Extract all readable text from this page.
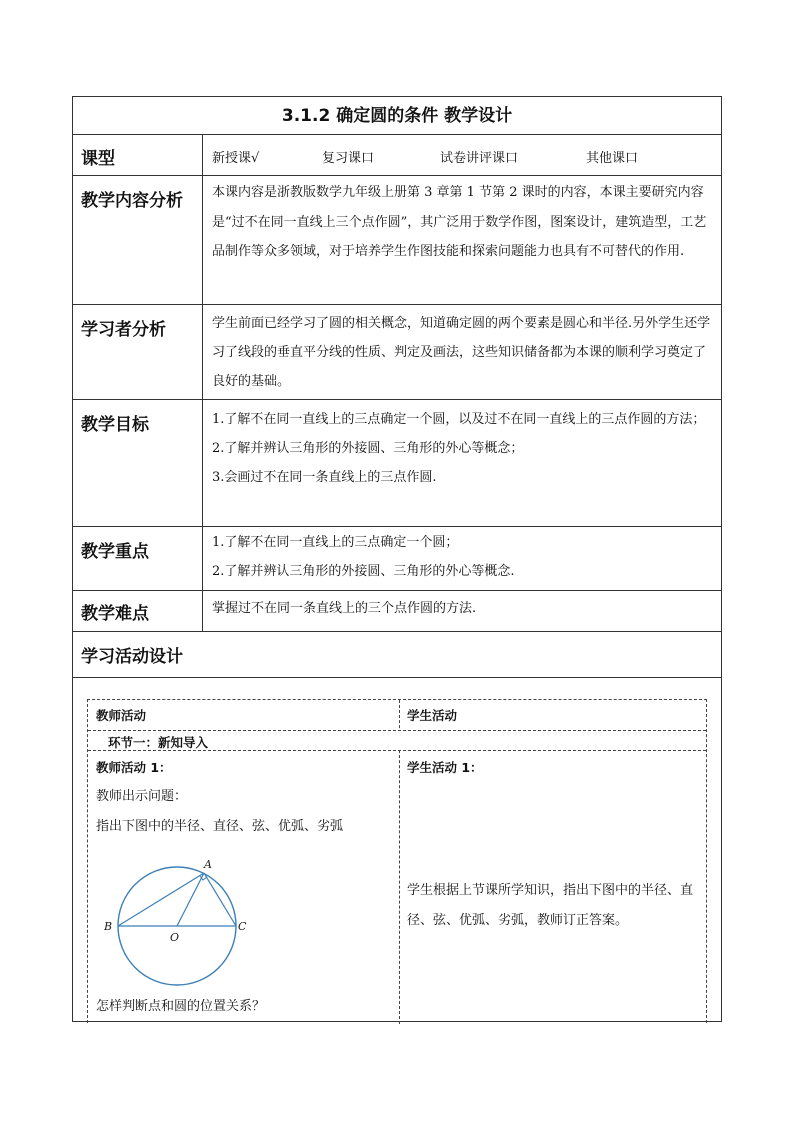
3.1.2 确定圆的条件 教学设计
课型	新授课√	复习课口	试卷讲评课口	其他课口
教学内容分析	本课内容是浙教版数学九年级上册第 3 章第 1 节第 2 课时的内容，本课主要研究内容是“过不在同一直线上三个点作圆”，其广泛用于数学作图，图案设计，建筑造型，工艺品制作等众多领域，对于培养学生作图技能和探索问题能力也具有不可替代的作用.

学习者分析	学生前面已经学习了圆的相关概念，知道确定圆的两个要素是圆心和半径.另外学生还学习了线段的垂直平分线的性质、判定及画法，这些知识储备都为本课的顺利学习奠定了良好的基础。

教学目标	1.了解不在同一直线上的三点确定一个圆，以及过不在同一直线上的三点作圆的方法；

2.了解并辨认三角形的外接圆、三角形的外心等概念；

3.会画过不在同一条直线上的三点作圆.

教学重点	1.了解不在同一直线上的三点确定一个圆；

2.了解并辨认三角形的外接圆、三角形的外心等概念.

教学难点	掌握过不在同一条直线上的三个点作圆的方法.

学习活动设计
教师活动	学生活动
环节一：新知导入
教师活动 1：

教师出示问题：

指出下图中的半径、直径、弦、优弧、劣弧

A
B	C
O
怎样判断点和圆的位置关系？
学生活动 1：

学生根据上节课所学知识，指出下图中的半径、直径、弦、优弧、劣弧，教师订正答案。
